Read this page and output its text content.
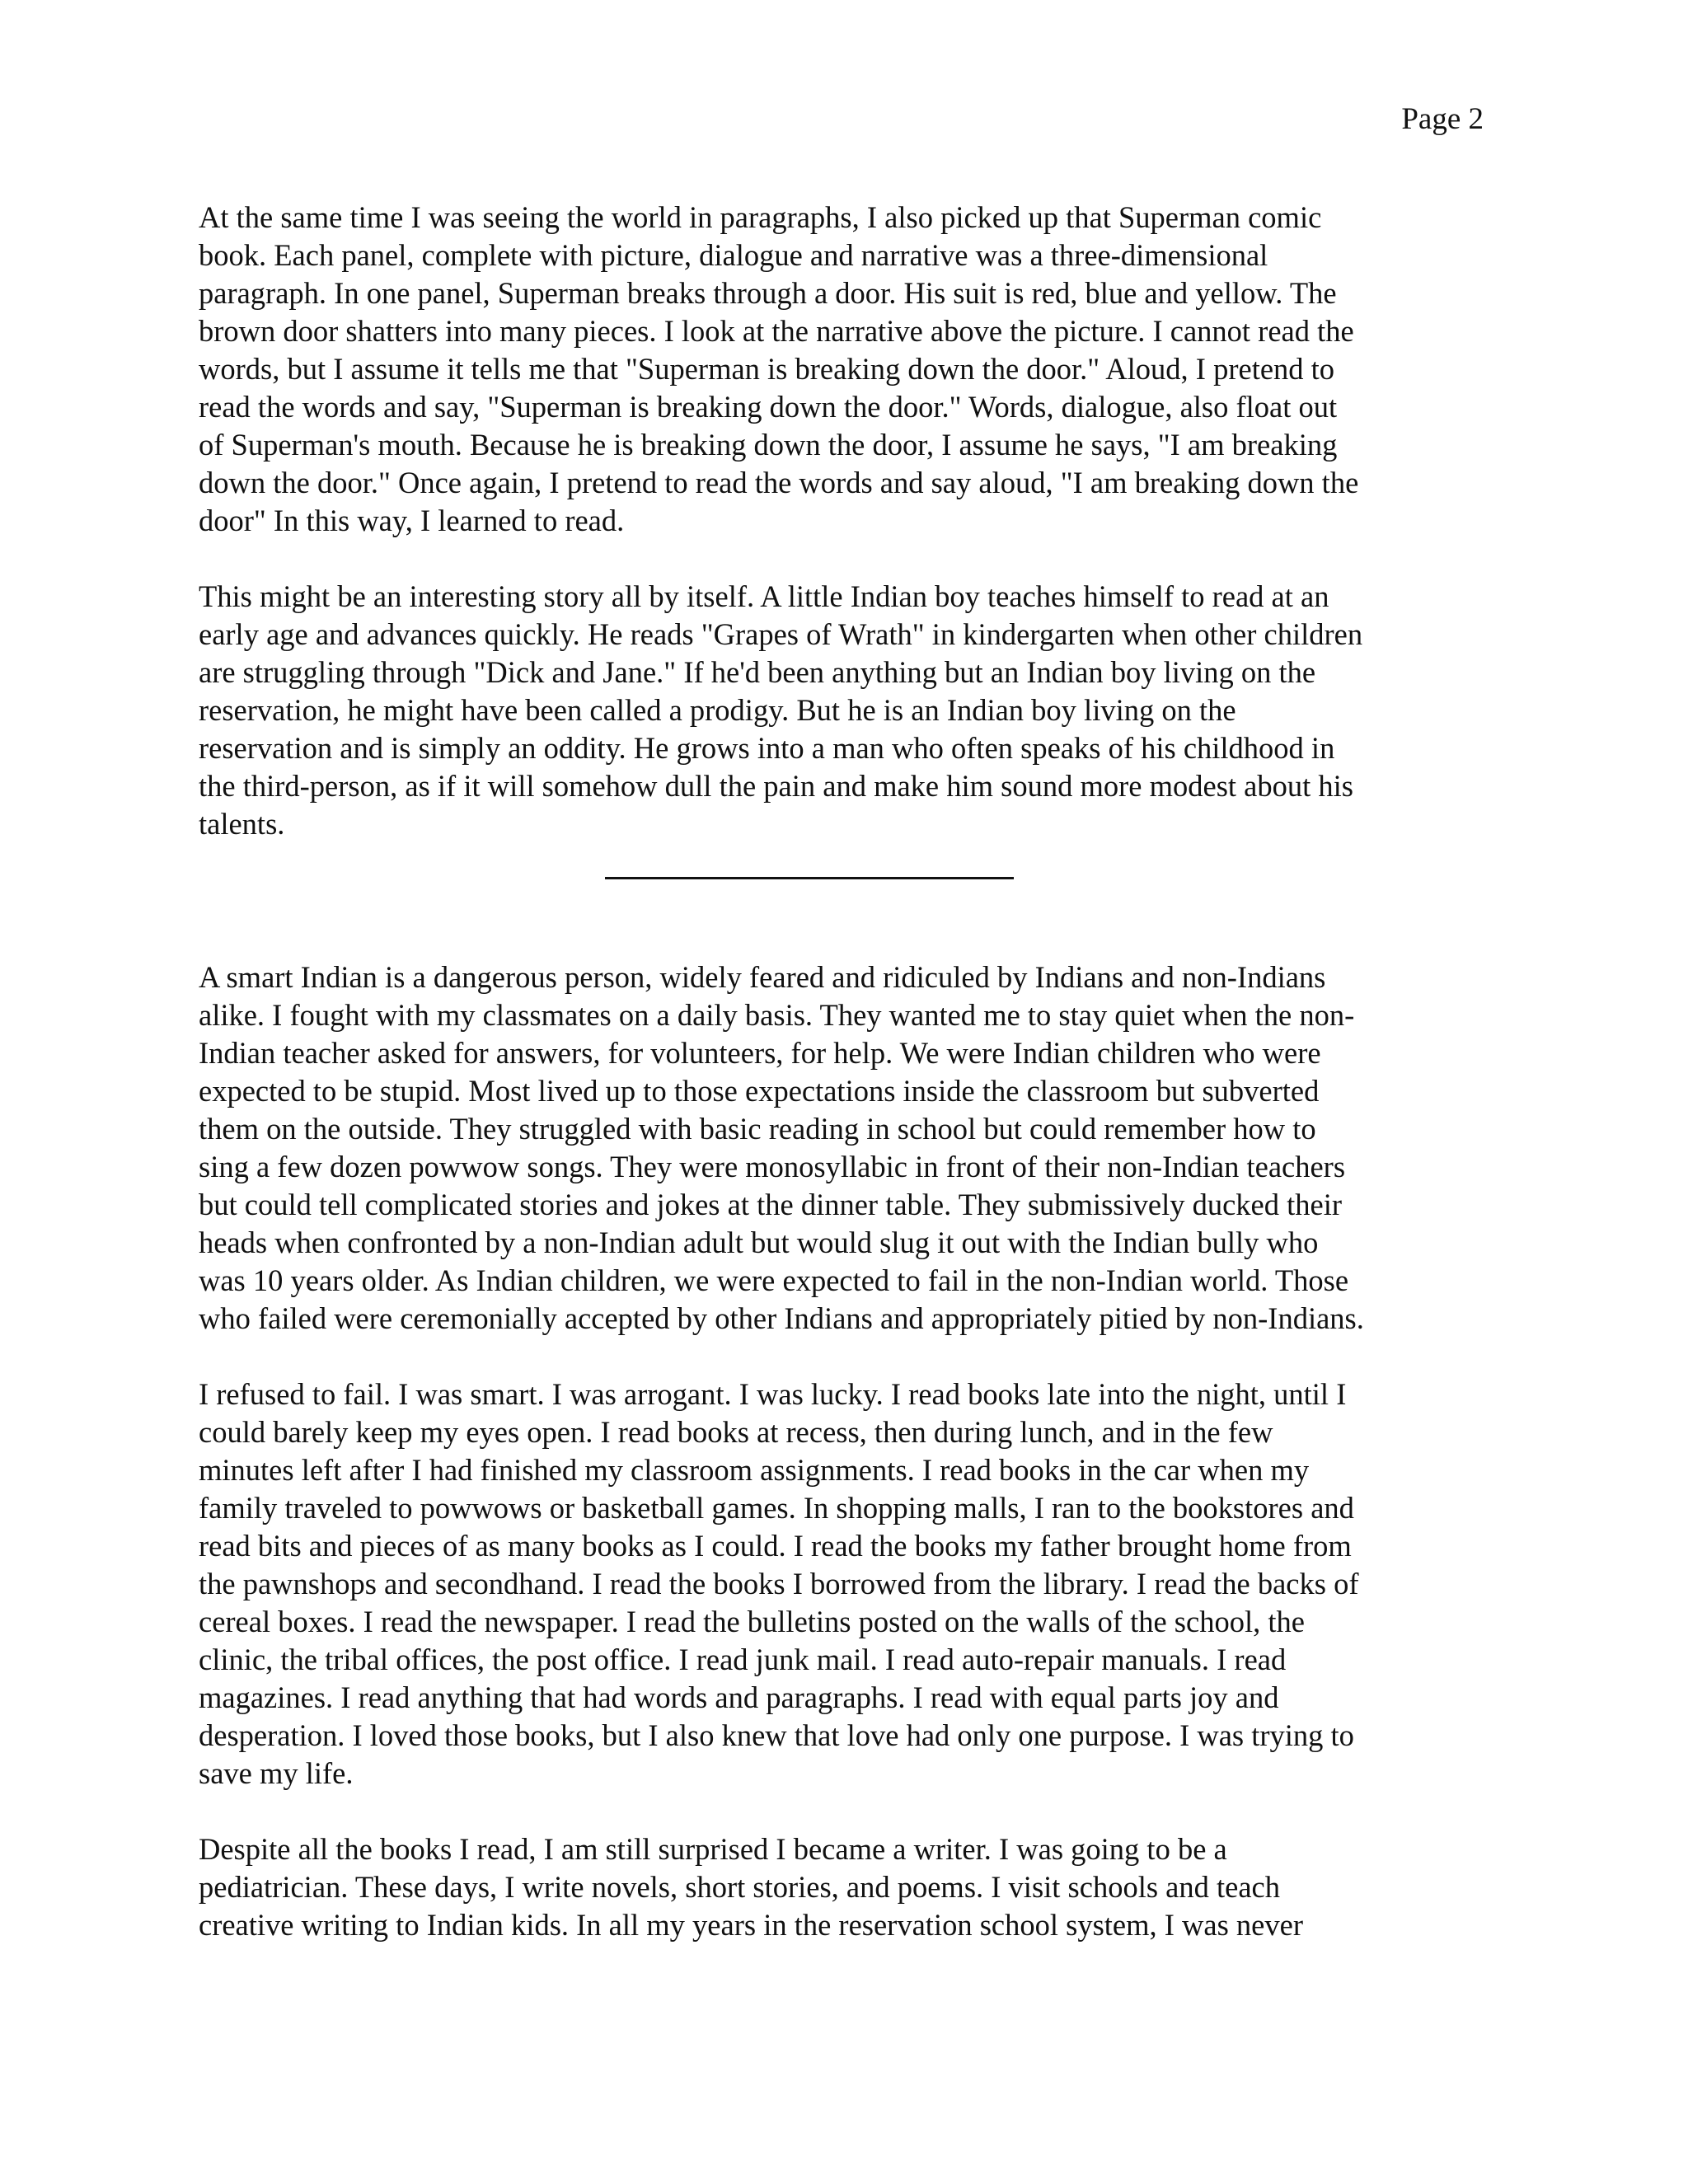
Page 2

At the same time I was seeing the world in paragraphs, I also picked up that Superman comic
book. Each panel, complete with picture, dialogue and narrative was a three-dimensional
paragraph. In one panel, Superman breaks through a door. His suit is red, blue and yellow. The
brown door shatters into many pieces. I look at the narrative above the picture. I cannot read the
words, but I assume it tells me that "Superman is breaking down the door." Aloud, I pretend to
read the words and say, "Superman is breaking down the door." Words, dialogue, also float out
of Superman's mouth. Because he is breaking down the door, I assume he says, "I am breaking
down the door." Once again, I pretend to read the words and say aloud, "I am breaking down the
door" In this way, I learned to read.

This might be an interesting story all by itself. A little Indian boy teaches himself to read at an
early age and advances quickly. He reads "Grapes of Wrath" in kindergarten when other children
are struggling through "Dick and Jane." If he'd been anything but an Indian boy living on the
reservation, he might have been called a prodigy. But he is an Indian boy living on the
reservation and is simply an oddity. He grows into a man who often speaks of his childhood in
the third-person, as if it will somehow dull the pain and make him sound more modest about his
talents.

A smart Indian is a dangerous person, widely feared and ridiculed by Indians and non-Indians
alike. I fought with my classmates on a daily basis. They wanted me to stay quiet when the non-
Indian teacher asked for answers, for volunteers, for help. We were Indian children who were
expected to be stupid. Most lived up to those expectations inside the classroom but subverted
them on the outside. They struggled with basic reading in school but could remember how to
sing a few dozen powwow songs. They were monosyllabic in front of their non-Indian teachers
but could tell complicated stories and jokes at the dinner table. They submissively ducked their
heads when confronted by a non-Indian adult but would slug it out with the Indian bully who
was 10 years older. As Indian children, we were expected to fail in the non-Indian world. Those
who failed were ceremonially accepted by other Indians and appropriately pitied by non-Indians.

I refused to fail. I was smart. I was arrogant. I was lucky. I read books late into the night, until I
could barely keep my eyes open. I read books at recess, then during lunch, and in the few
minutes left after I had finished my classroom assignments. I read books in the car when my
family traveled to powwows or basketball games. In shopping malls, I ran to the bookstores and
read bits and pieces of as many books as I could. I read the books my father brought home from
the pawnshops and secondhand. I read the books I borrowed from the library. I read the backs of
cereal boxes. I read the newspaper. I read the bulletins posted on the walls of the school, the
clinic, the tribal offices, the post office. I read junk mail. I read auto-repair manuals. I read
magazines. I read anything that had words and paragraphs. I read with equal parts joy and
desperation. I loved those books, but I also knew that love had only one purpose. I was trying to
save my life.

Despite all the books I read, I am still surprised I became a writer. I was going to be a
pediatrician. These days, I write novels, short stories, and poems. I visit schools and teach
creative writing to Indian kids. In all my years in the reservation school system, I was never
